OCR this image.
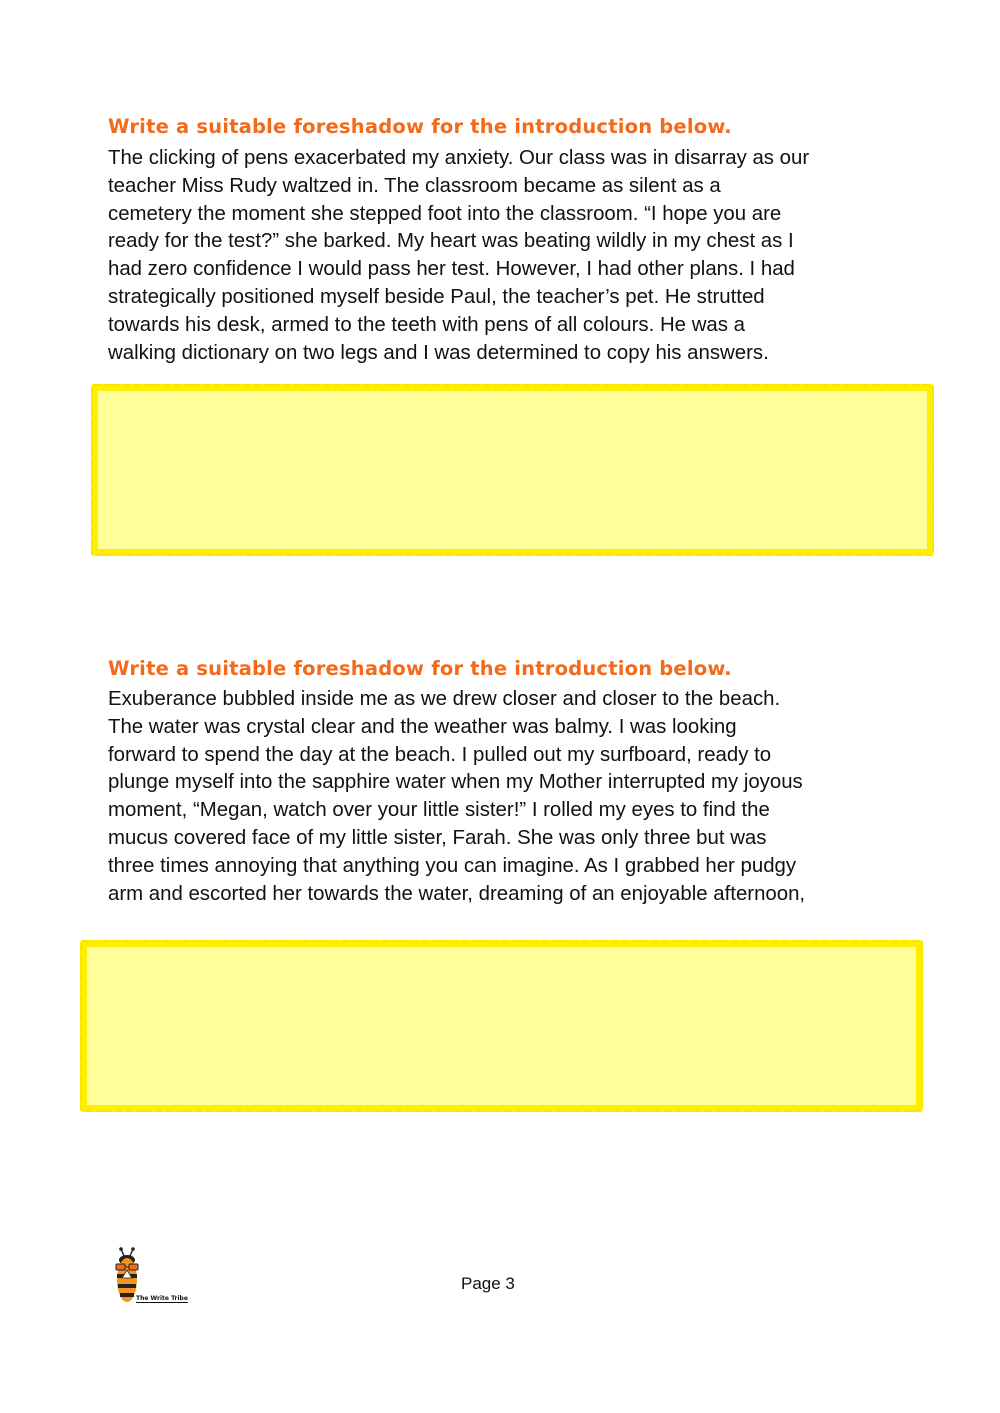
Write a suitable foreshadow for the introduction below.
The clicking of pens exacerbated my anxiety. Our class was in disarray as our
teacher Miss Rudy waltzed in. The classroom became as silent as a
cemetery the moment she stepped foot into the classroom. “I hope you are
ready for the test?” she barked. My heart was beating wildly in my chest as I
had zero confidence I would pass her test. However, I had other plans. I had
strategically positioned myself beside Paul, the teacher’s pet. He strutted
towards his desk, armed to the teeth with pens of all colours. He was a
walking dictionary on two legs and I was determined to copy his answers.
Write a suitable foreshadow for the introduction below.
Exuberance bubbled inside me as we drew closer and closer to the beach.
The water was crystal clear and the weather was balmy. I was looking
forward to spend the day at the beach. I pulled out my surfboard, ready to
plunge myself into the sapphire water when my Mother interrupted my joyous
moment, “Megan, watch over your little sister!” I rolled my eyes to find the
mucus covered face of my little sister, Farah. She was only three but was
three times annoying that anything you can imagine. As I grabbed her pudgy
arm and escorted her towards the water, dreaming of an enjoyable afternoon,
The Write Tribe
Page 3
